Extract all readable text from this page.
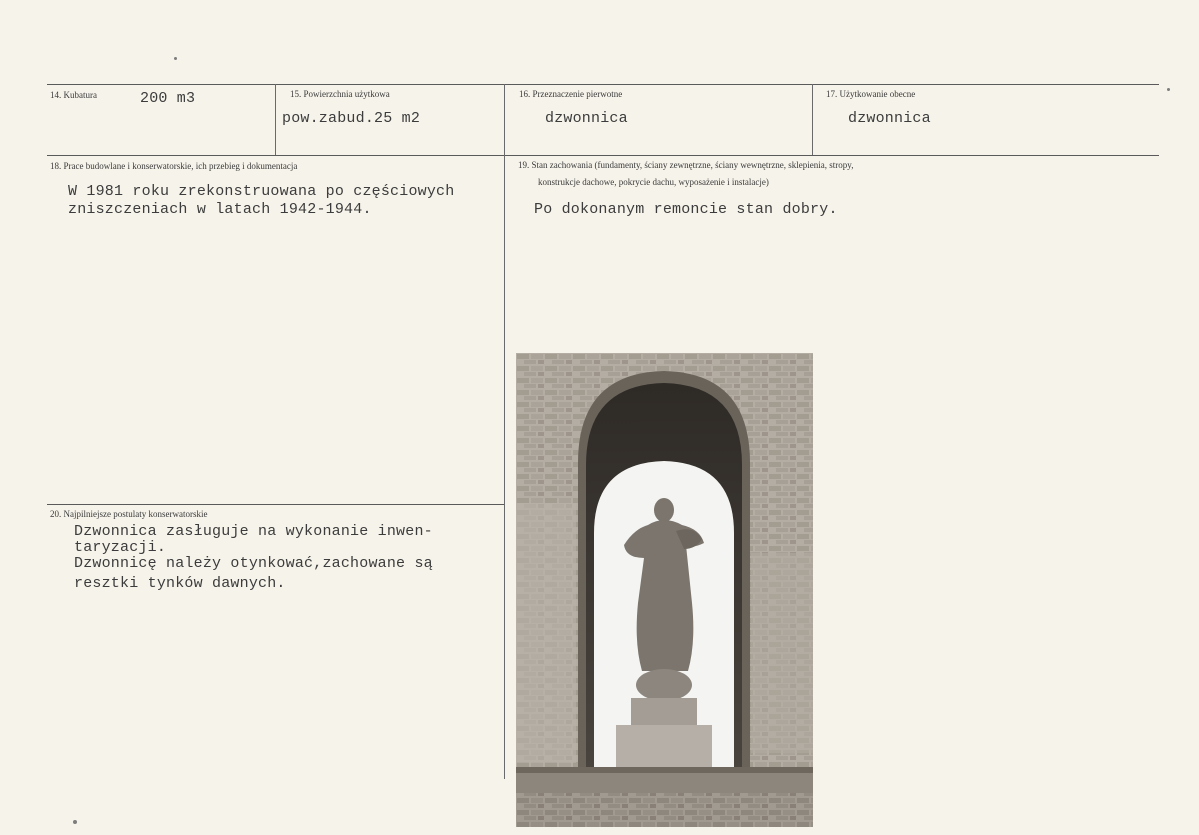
14. Kubatura	200 m3	15. Powierzchnia użytkowa
pow.zabud.25 m2
16. Przeznaczenie pierwotne
dzwonnica
17. Użytkowanie obecne
dzwonnica
18. Prace budowlane i konserwatorskie, ich przebieg i dokumentacja
W 1981 roku zrekonstruowana po częściowych
zniszczeniach w latach 1942-1944.
19. Stan zachowania (fundamenty, ściany zewnętrzne, ściany wewnętrzne, sklepienia, stropy,
konstrukcje dachowe, pokrycie dachu, wyposażenie i instalacje)
Po dokonanym remoncie stan dobry.
20. Najpilniejsze postulaty konserwatorskie
Dzwonnica zasługuje na wykonanie inwen-
taryzacji.
Dzwonnicę należy otynkować,zachowane są
resztki tynków dawnych.
